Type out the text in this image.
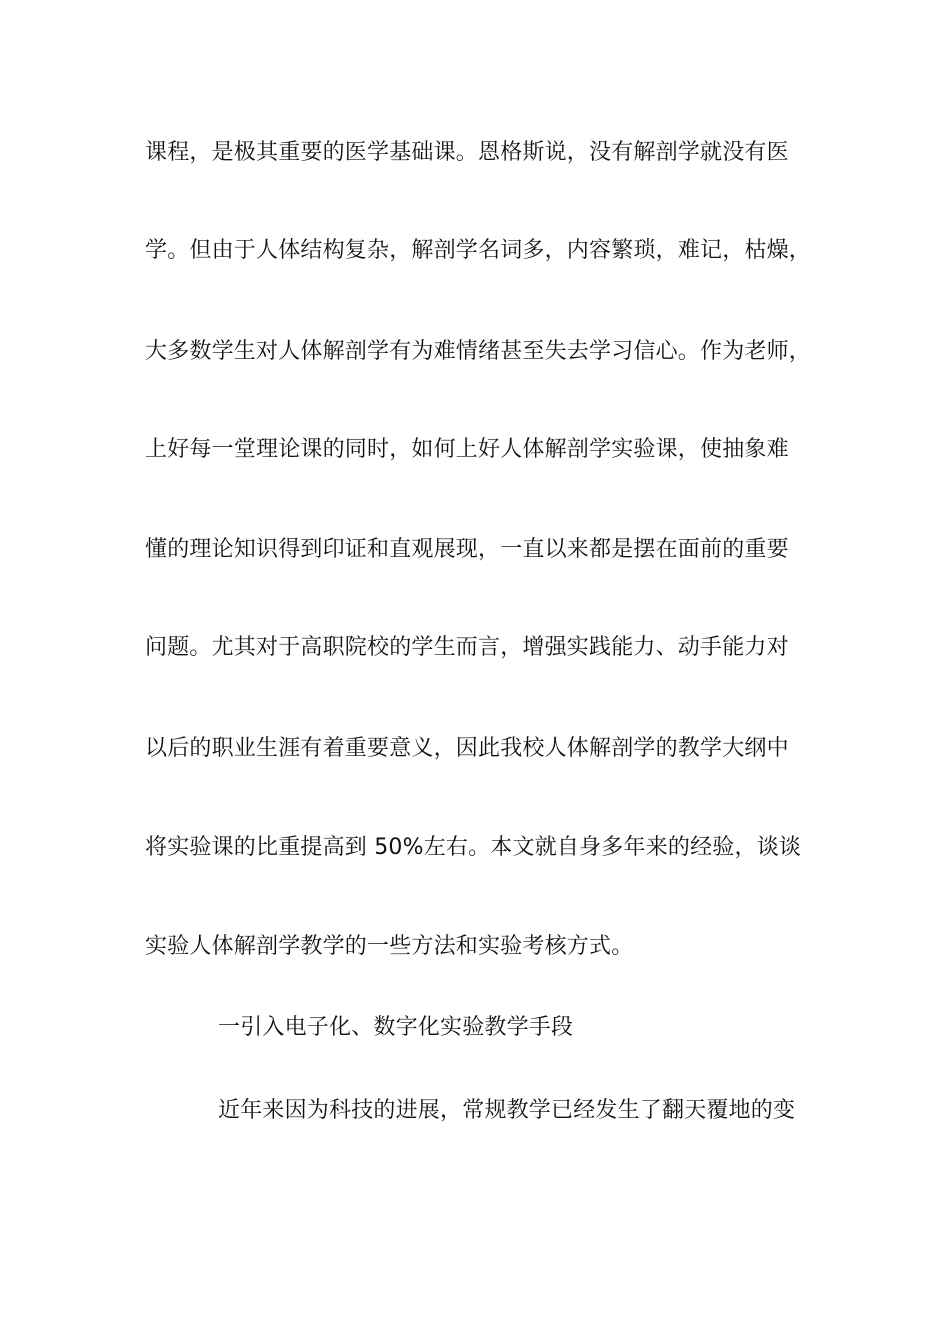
课程，是极其重要的医学基础课。恩格斯说，没有解剖学就没有医
学。但由于人体结构复杂，解剖学名词多，内容繁琐，难记，枯燥，
大多数学生对人体解剖学有为难情绪甚至失去学习信心。作为老师，
上好每一堂理论课的同时，如何上好人体解剖学实验课，使抽象难
懂的理论知识得到印证和直观展现，一直以来都是摆在面前的重要
问题。尤其对于高职院校的学生而言，增强实践能力、动手能力对
以后的职业生涯有着重要意义，因此我校人体解剖学的教学大纲中
将实验课的比重提高到 50%左右。本文就自身多年来的经验，谈谈
实验人体解剖学教学的一些方法和实验考核方式。
一引入电子化、数字化实验教学手段
近年来因为科技的进展，常规教学已经发生了翻天覆地的变
